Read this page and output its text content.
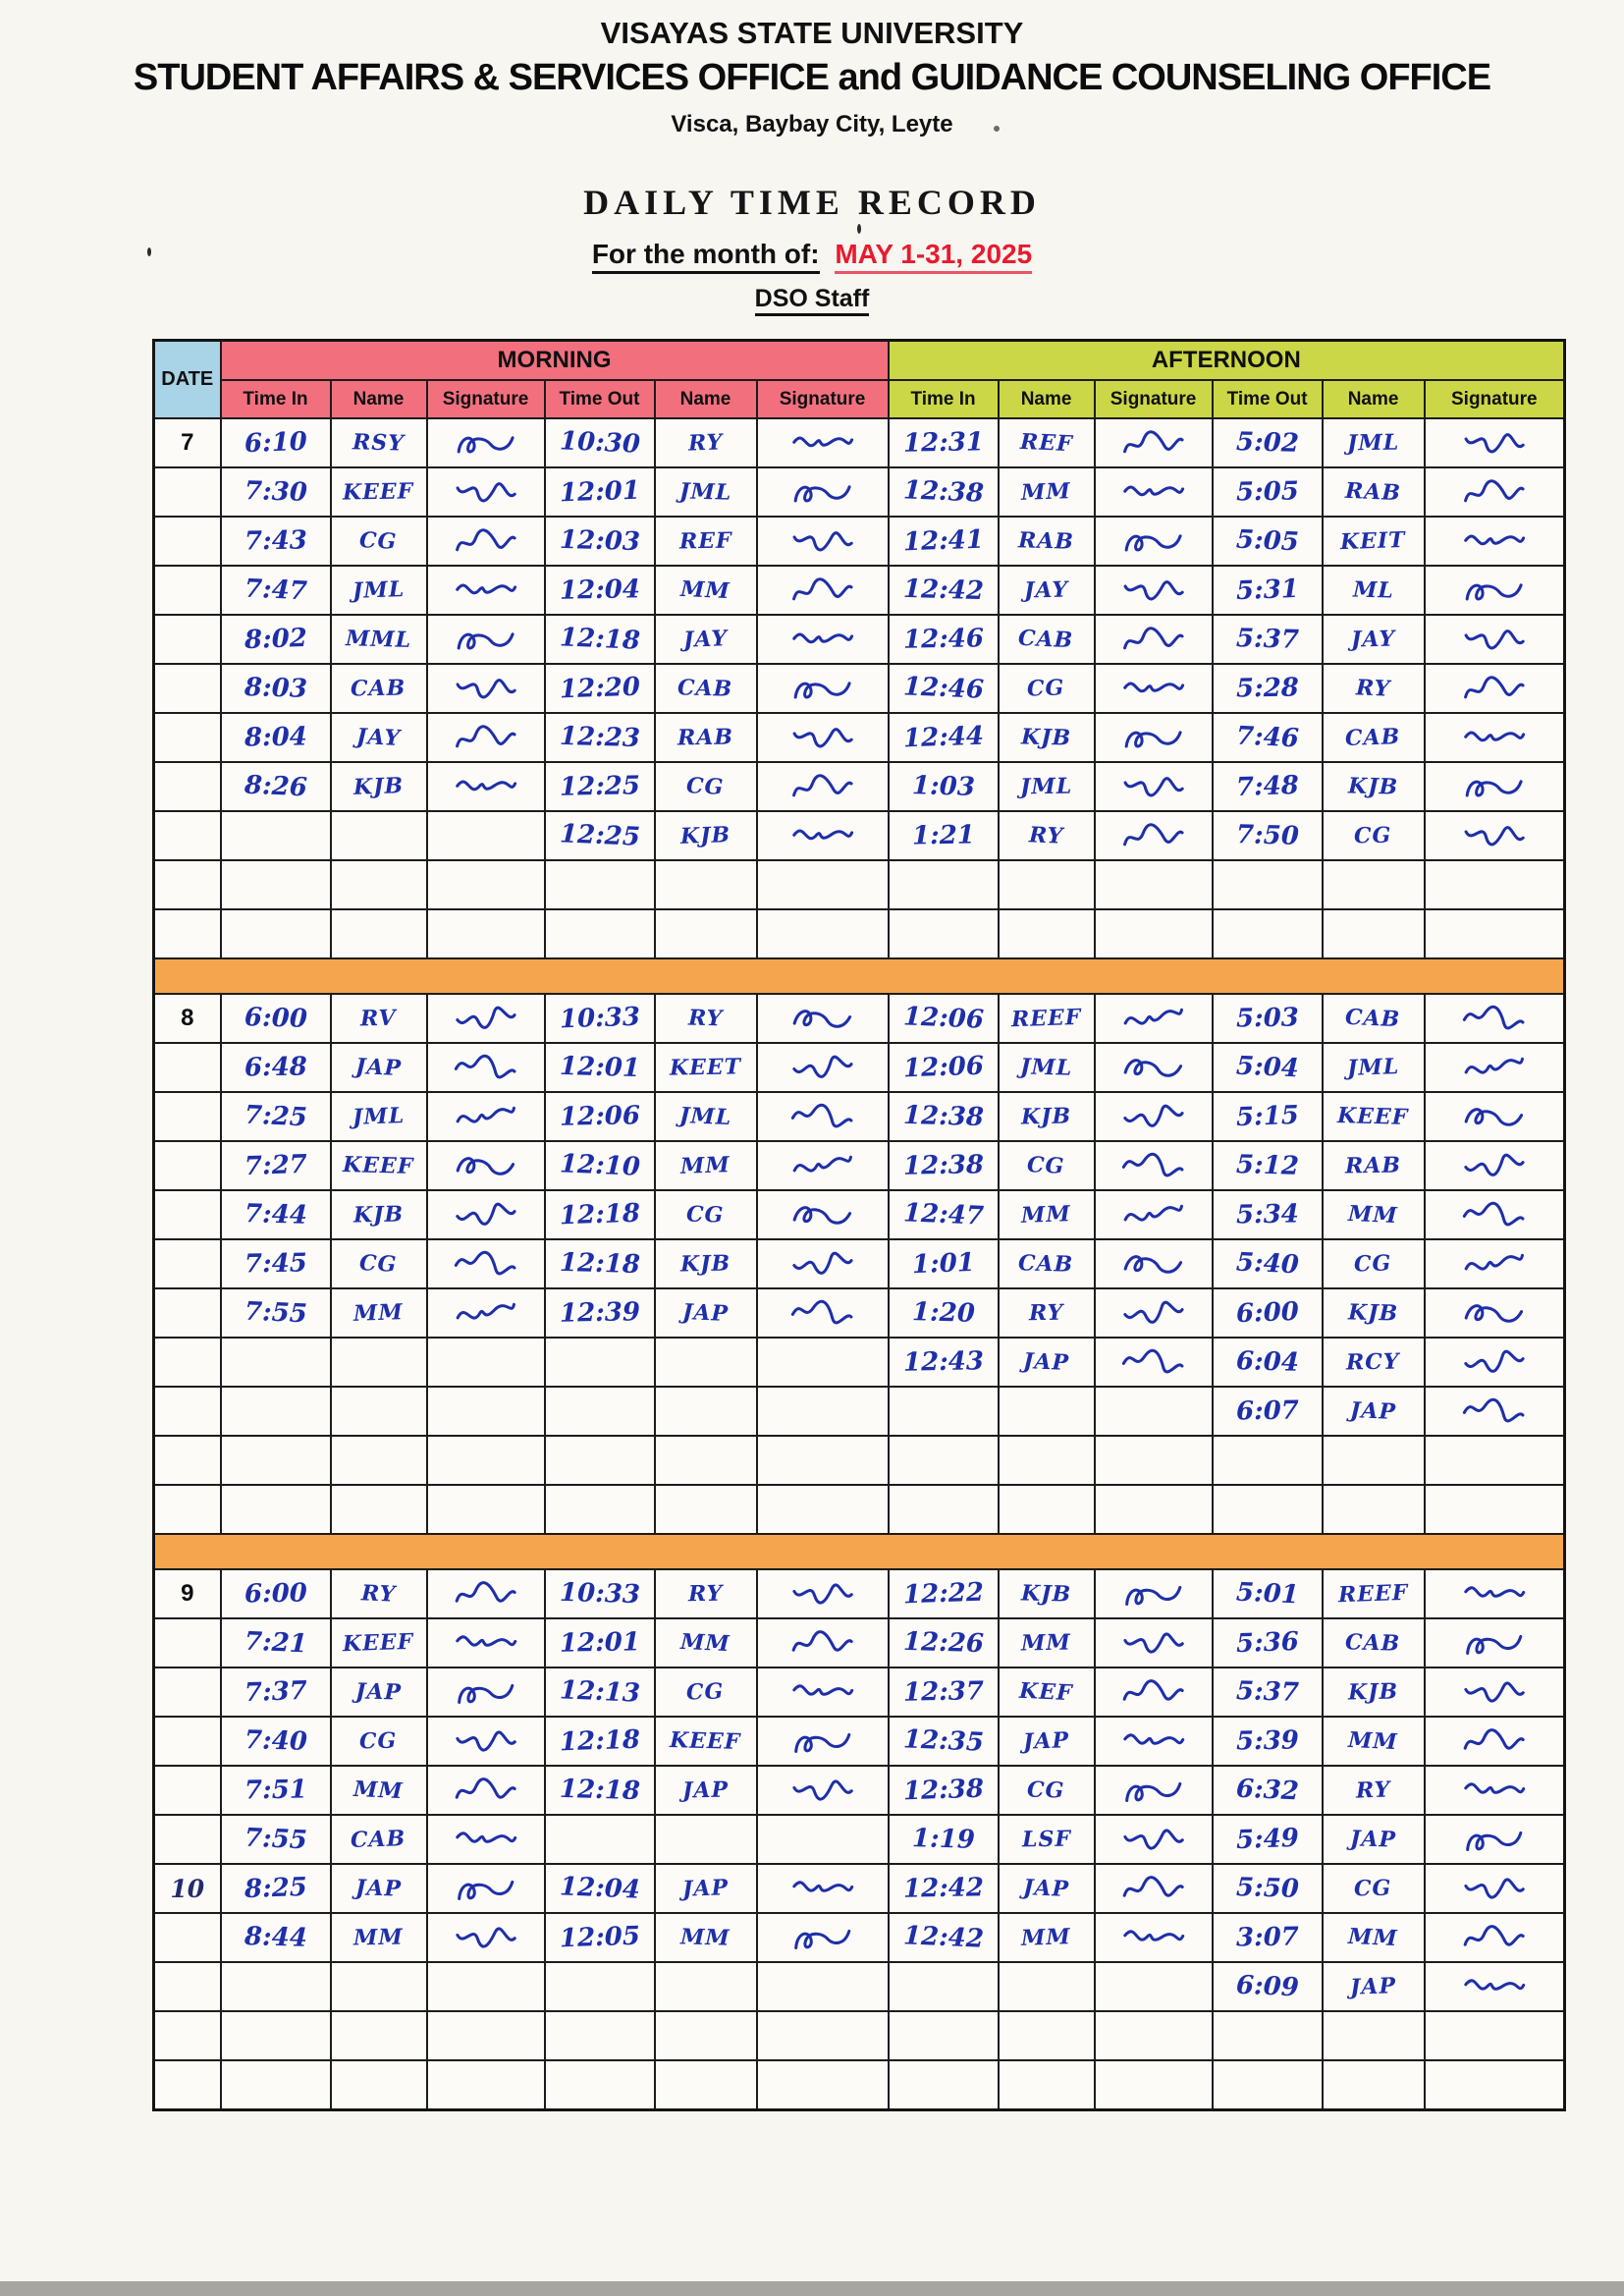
VISAYAS STATE UNIVERSITY
STUDENT AFFAIRS & SERVICES OFFICE and GUIDANCE COUNSELING OFFICE
Visca, Baybay City, Leyte
DAILY TIME RECORD
For the month of: MAY 1-31, 2025
DSO Staff
DATE	MORNING						AFTERNOON					
	Time In	Name	Signature	Time Out	Name	Signature	Time In	Name	Signature	Time Out	Name	Signature
7	6:10	RSY		10:30	RY		12:31	REF		5:02	JML	
	7:30	KEEF		12:01	JML		12:38	MM		5:05	RAB	
	7:43	CG		12:03	REF		12:41	RAB		5:05	KEIT	
	7:47	JML		12:04	MM		12:42	JAY		5:31	ML	
	8:02	MML		12:18	JAY		12:46	CAB		5:37	JAY	
	8:03	CAB		12:20	CAB		12:46	CG		5:28	RY	
	8:04	JAY		12:23	RAB		12:44	KJB		7:46	CAB	
	8:26	KJB		12:25	CG		1:03	JML		7:48	KJB	
				12:25	KJB		1:21	RY		7:50	CG	

8	6:00	RV		10:33	RY		12:06	REEF		5:03	CAB	
	6:48	JAP		12:01	KEET		12:06	JML		5:04	JML	
	7:25	JML		12:06	JML		12:38	KJB		5:15	KEEF	
	7:27	KEEF		12:10	MM		12:38	CG		5:12	RAB	
	7:44	KJB		12:18	CG		12:47	MM		5:34	MM	
	7:45	CG		12:18	KJB		1:01	CAB		5:40	CG	
	7:55	MM		12:39	JAP		1:20	RY		6:00	KJB	
							12:43	JAP		6:04	RCY	
										6:07	JAP	

9	6:00	RY		10:33	RY		12:22	KJB		5:01	REEF	
	7:21	KEEF		12:01	MM		12:26	MM		5:36	CAB	
	7:37	JAP		12:13	CG		12:37	KEF		5:37	KJB	
	7:40	CG		12:18	KEEF		12:35	JAP		5:39	MM	
	7:51	MM		12:18	JAP		12:38	CG		6:32	RY	
	7:55	CAB					1:19	LSF		5:49	JAP	
10	8:25	JAP		12:04	JAP		12:42	JAP		5:50	CG	
	8:44	MM		12:05	MM		12:42	MM		3:07	MM	
										6:09	JAP	
